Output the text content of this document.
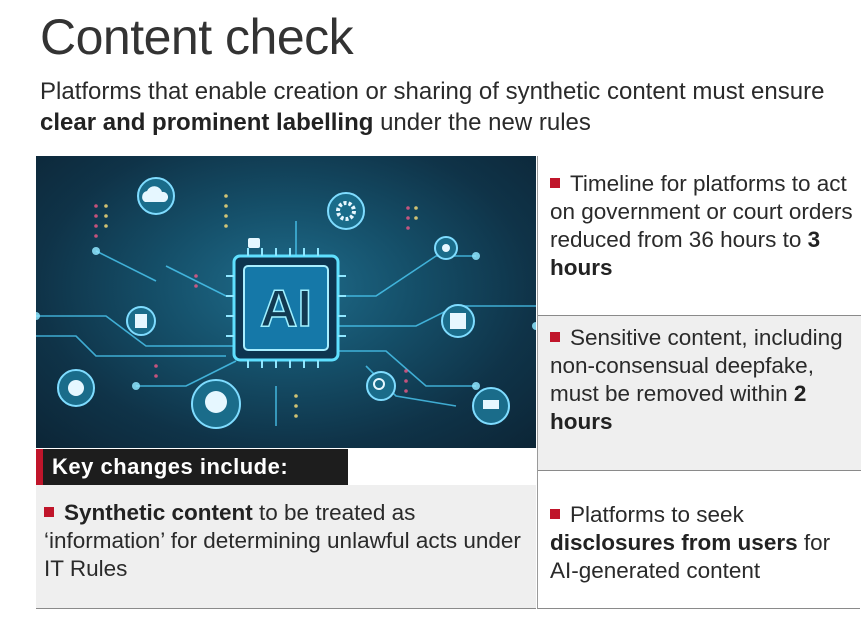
Content check
Platforms that enable creation or sharing of synthetic content must ensure clear and prominent labelling under the new rules
AI
Key changes include:
Synthetic content to be treated as ‘information’ for determining unlawful acts under IT Rules
Timeline for platforms to act on government or court orders reduced from 36 hours to 3 hours
Sensitive content, including non-consensual deepfake, must be removed within 2 hours
Platforms to seek disclosures from users for AI-generated content
